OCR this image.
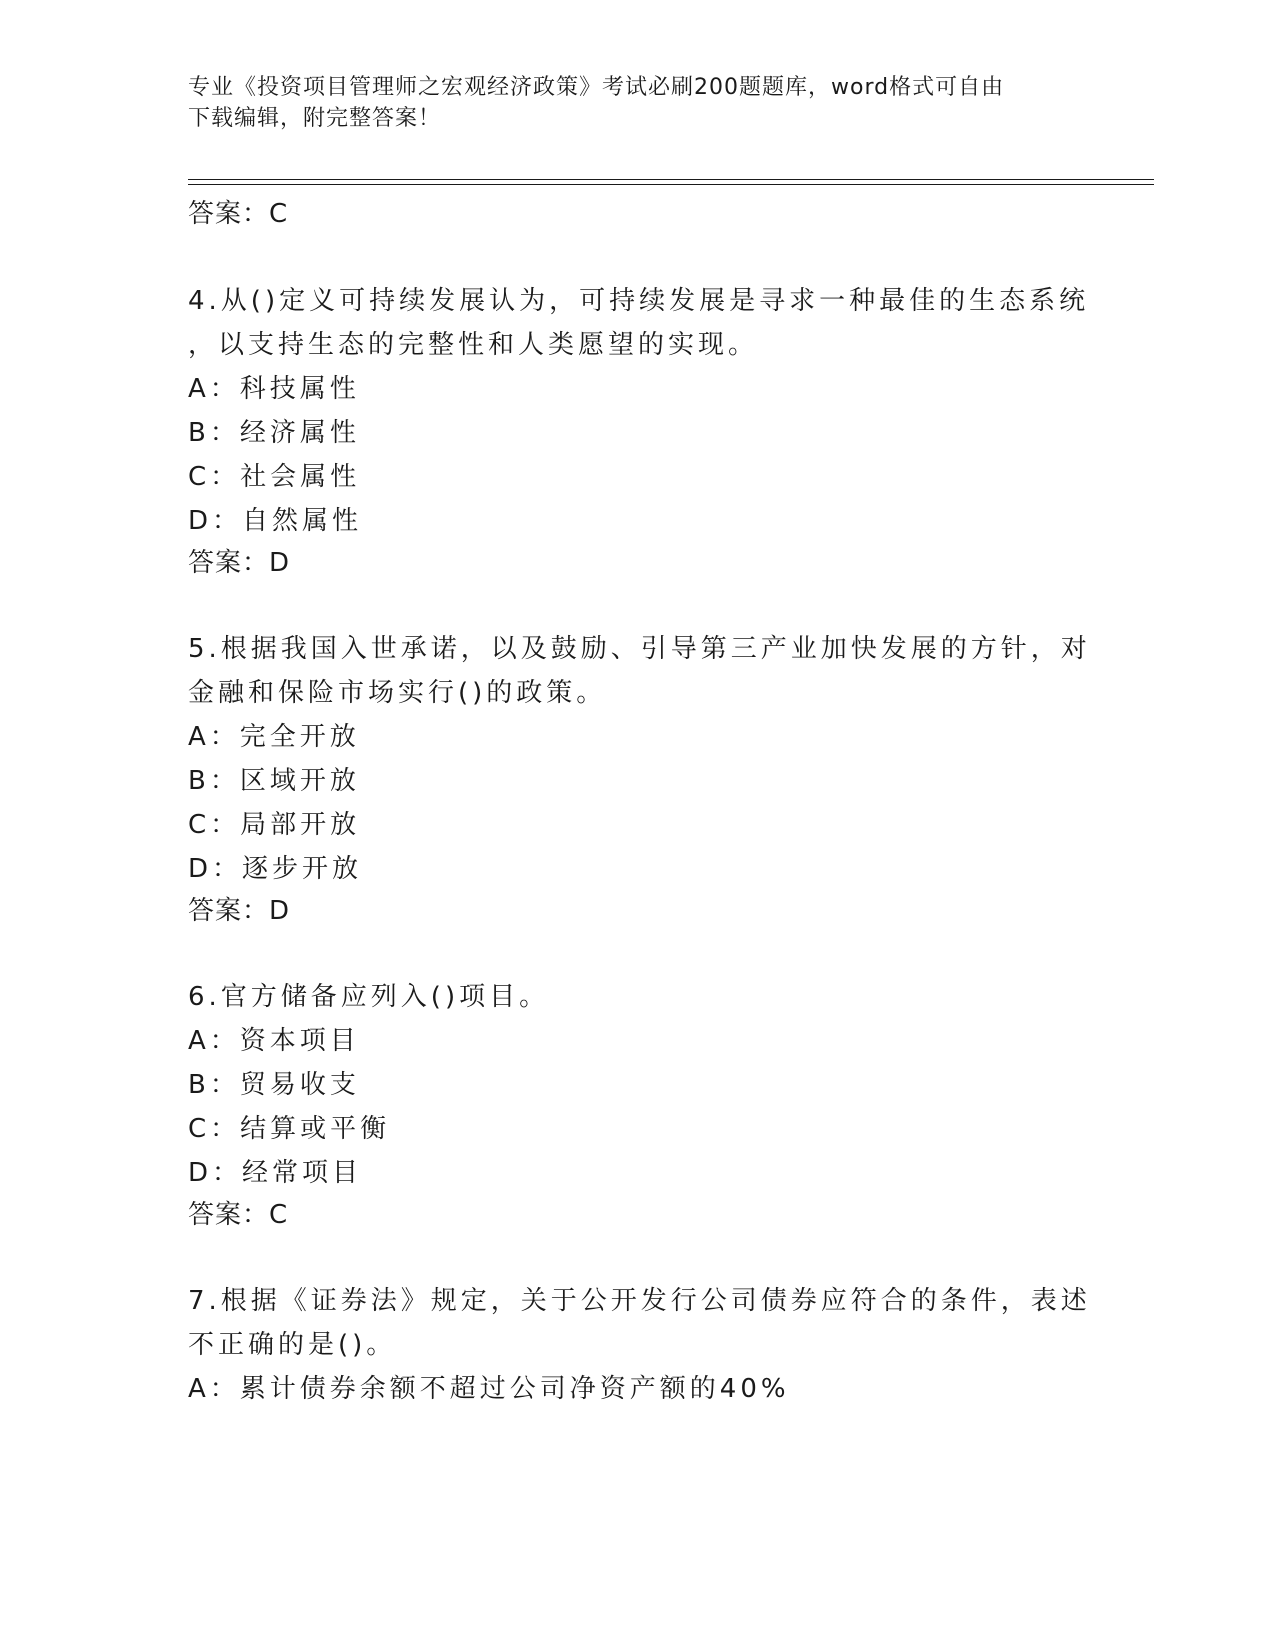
专业《投资项目管理师之宏观经济政策》考试必刷200题题库，word格式可自由
下载编辑，附完整答案！
答案：C
4.从()定义可持续发展认为，可持续发展是寻求一种最佳的生态系统
，以支持生态的完整性和人类愿望的实现。
A：科技属性
B：经济属性
C：社会属性
D：自然属性
答案：D
5.根据我国入世承诺，以及鼓励、引导第三产业加快发展的方针，对
金融和保险市场实行()的政策。
A：完全开放
B：区域开放
C：局部开放
D：逐步开放
答案：D
6.官方储备应列入()项目。
A：资本项目
B：贸易收支
C：结算或平衡
D：经常项目
答案：C
7.根据《证券法》规定，关于公开发行公司债券应符合的条件，表述
不正确的是()。
A：累计债券余额不超过公司净资产额的40%
